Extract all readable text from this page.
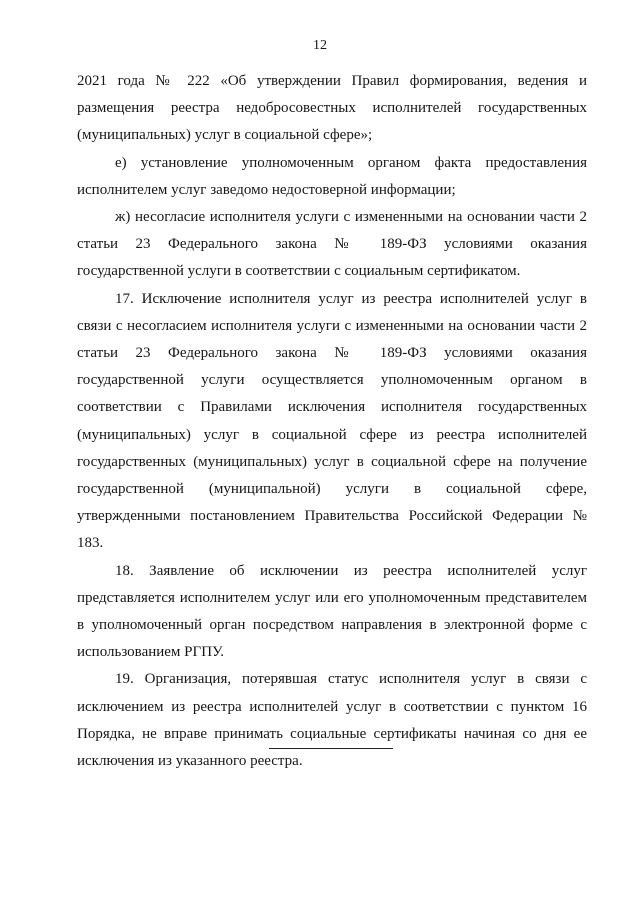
12

2021 года № 222 «Об утверждении Правил формирования, ведения и размещения реестра недобросовестных исполнителей государственных (муниципальных) услуг в социальной сфере»;

е) установление уполномоченным органом факта предоставления исполнителем услуг заведомо недостоверной информации;

ж) несогласие исполнителя услуги с измененными на основании части 2 статьи 23 Федерального закона № 189-ФЗ условиями оказания государственной услуги в соответствии с социальным сертификатом.

17. Исключение исполнителя услуг из реестра исполнителей услуг в связи с несогласием исполнителя услуги с измененными на основании части 2 статьи 23 Федерального закона № 189-ФЗ условиями оказания государственной услуги осуществляется уполномоченным органом в соответствии с Правилами исключения исполнителя государственных (муниципальных) услуг в социальной сфере из реестра исполнителей государственных (муниципальных) услуг в социальной сфере на получение государственной (муниципальной) услуги в социальной сфере, утвержденными постановлением Правительства Российской Федерации № 183.

18. Заявление об исключении из реестра исполнителей услуг представляется исполнителем услуг или его уполномоченным представителем в уполномоченный орган посредством направления в электронной форме с использованием РГПУ.

19. Организация, потерявшая статус исполнителя услуг в связи с исключением из реестра исполнителей услуг в соответствии с пунктом 16 Порядка, не вправе принимать социальные сертификаты начиная со дня ее исключения из указанного реестра.
